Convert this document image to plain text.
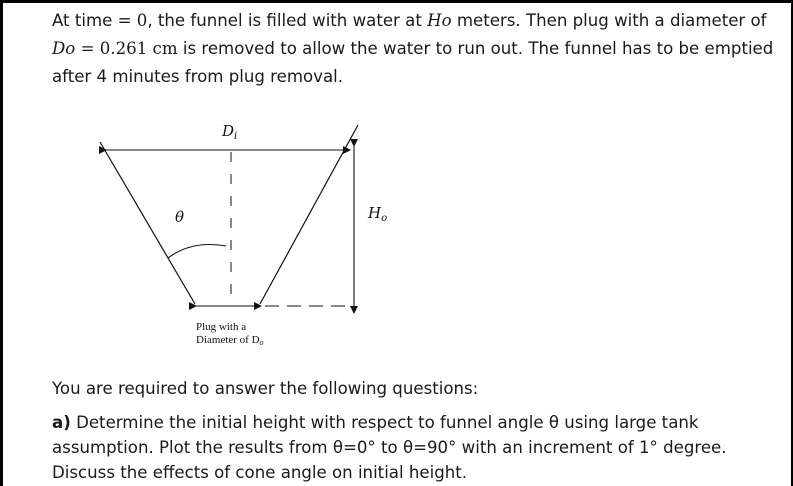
At time = 0, the funnel is filled with water at Ho meters. Then plug with a diameter of Do = 0.261 cm is removed to allow the water to run out. The funnel has to be emptied after 4 minutes from plug removal.

$D_i$
θ	$H_o$
Plug with a
Diameter of Do

You are required to answer the following questions:

a) Determine the initial height with respect to funnel angle θ using large tank assumption. Plot the results from θ=0° to θ=90° with an increment of 1° degree. Discuss the effects of cone angle on initial height.
